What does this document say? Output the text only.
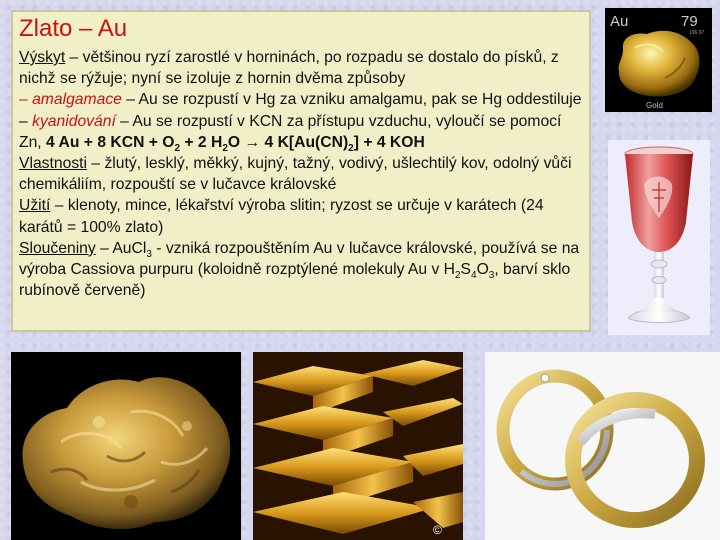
Zlato – Au

Výskyt – většinou ryzí zarostlé v horninách, po rozpadu se dostalo do písků, z nichž se rýžuje; nyní se izoluje z hornin dvěma způsoby

– amalgamace – Au se rozpustí v Hg za vzniku amalgamu, pak se Hg oddestiluje

– kyanidování – Au se rozpustí v KCN za přístupu vzduchu, vyloučí se pomocí Zn, 4 Au + 8 KCN + $O_2 + 2$ $H_2O \to 4$ $K[Au(CN)_2] + 4$ KOH

Vlastnosti – žlutý, lesklý, měkký, kujný, tažný, vodivý, ušlechtilý kov, odolný vůči chemikáliím, rozpouští se v lučavce královské

Užití – klenoty, mince, lékařství výroba slitin; ryzost se určuje v karátech (24 karátů = 100% zlato)

Sloučeniny – AuCl$_3$ - vzniká rozpouštěním Au v lučavce královské, používá se na výroba Cassiova purpuru (koloidně rozptýlené molekuly Au v $H_2S_4O_3$, barví sklo rubínově červeně)

Au	79
196.97
Gold
©
